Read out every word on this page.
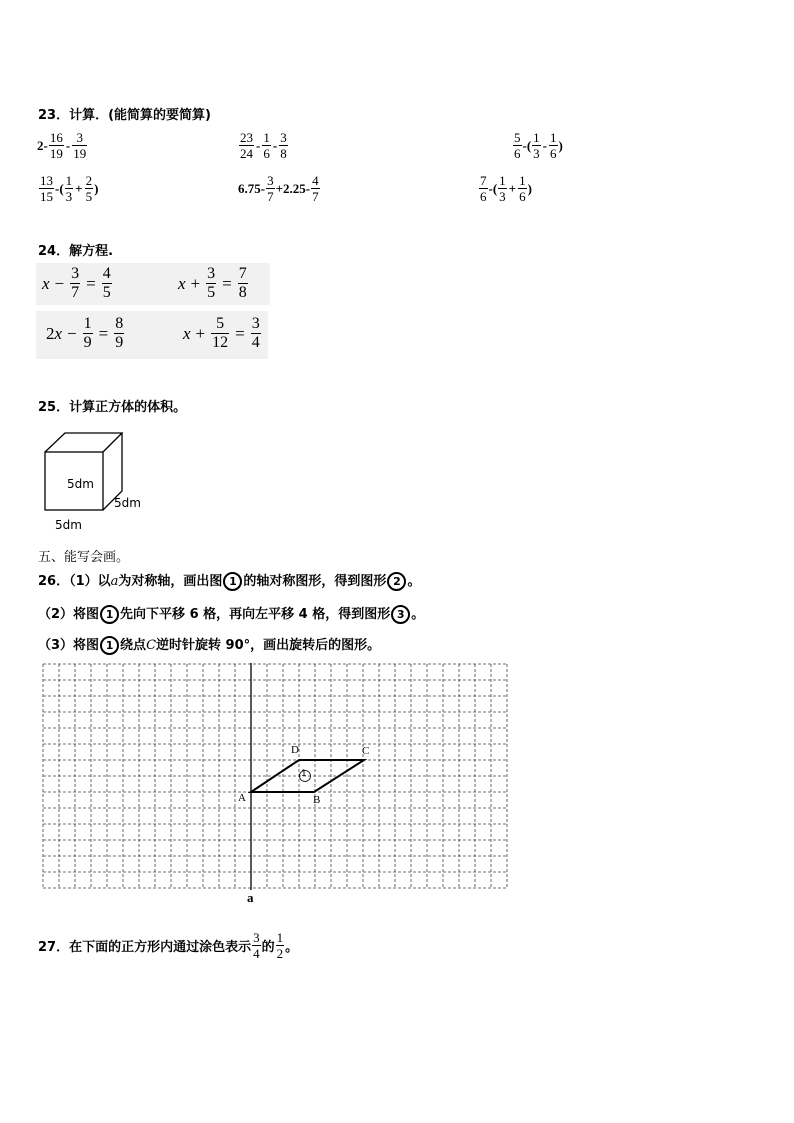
23．计算．(能简算的要简算)
$2- \frac{16}{19} - \frac{3}{19}$	$\frac{23}{24} - \frac{1}{6} - \frac{3}{8}$	$\frac{5}{6}$ -( $\frac{1}{3} - \frac{1}{6}$ )
$\frac{13}{15}$ -( $\frac{1}{3} + \frac{2}{5}$ )	$6.75- \frac{3}{7} +2.25- \frac{4}{7}$	$\frac{7}{6}$ -( $\frac{1}{3} + \frac{1}{6}$ )
24．解方程.
$x - \frac{3}{7} = \frac{4}{5}$	$x + \frac{3}{5} = \frac{7}{8}$
2 $x - \frac{1}{9} = \frac{8}{9}$	$x + \frac{5}{12} = \frac{3}{4}$
25．计算正方体的体积。
5dm
5dm
5dm
五、能写会画。
26．（1）以a为对称轴，画出图 1 的轴对称图形，得到图形 2 。
（2）将图 1 先向下平移 6 格，再向左平移 4 格，得到图形 3 。
（3）将图 1 绕点C逆时针旋转 90°，画出旋转后的图形。
1
A	B
C
D
a
27．在下面的正方形内通过涂色表示 $\frac{3}{4}$ 的 $\frac{1}{2}$ 。
